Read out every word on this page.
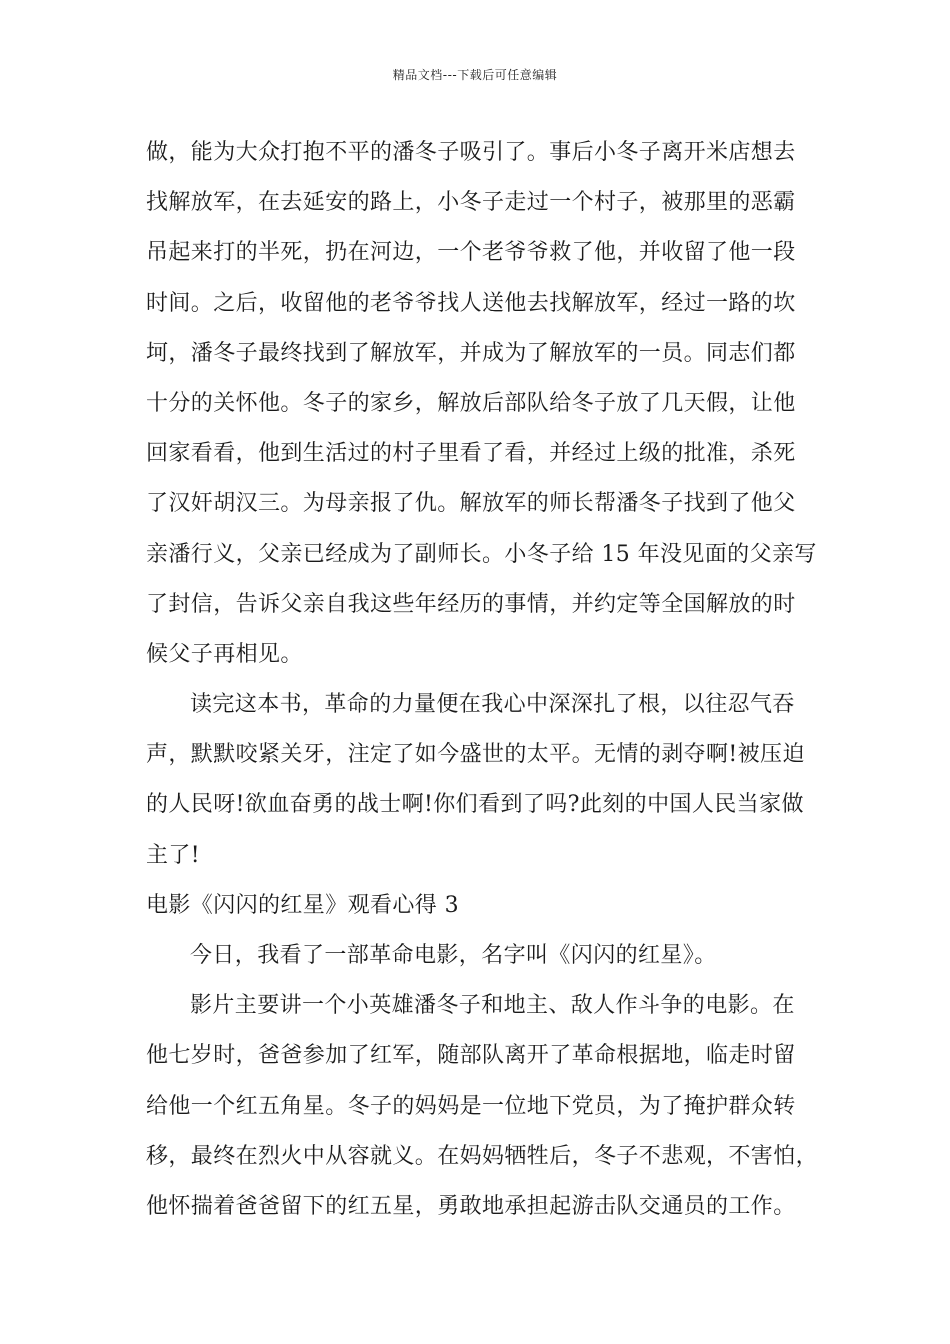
精品文档---下载后可任意编辑
做，能为大众打抱不平的潘冬子吸引了。事后小冬子离开米店想去
找解放军，在去延安的路上，小冬子走过一个村子，被那里的恶霸
吊起来打的半死，扔在河边，一个老爷爷救了他，并收留了他一段
时间。之后，收留他的老爷爷找人送他去找解放军，经过一路的坎
坷，潘冬子最终找到了解放军，并成为了解放军的一员。同志们都
十分的关怀他。冬子的家乡，解放后部队给冬子放了几天假，让他
回家看看，他到生活过的村子里看了看，并经过上级的批准，杀死
了汉奸胡汉三。为母亲报了仇。解放军的师长帮潘冬子找到了他父
亲潘行义，父亲已经成为了副师长。小冬子给 15 年没见面的父亲写
了封信，告诉父亲自我这些年经历的事情，并约定等全国解放的时
候父子再相见。
读完这本书，革命的力量便在我心中深深扎了根，以往忍气吞
声，默默咬紧关牙，注定了如今盛世的太平。无情的剥夺啊!被压迫
的人民呀!欲血奋勇的战士啊!你们看到了吗?此刻的中国人民当家做
主了!
电影《闪闪的红星》观看心得 3
今日，我看了一部革命电影，名字叫《闪闪的红星》。
影片主要讲一个小英雄潘冬子和地主、敌人作斗争的电影。在
他七岁时，爸爸参加了红军，随部队离开了革命根据地，临走时留
给他一个红五角星。冬子的妈妈是一位地下党员，为了掩护群众转
移，最终在烈火中从容就义。在妈妈牺牲后，冬子不悲观，不害怕，
他怀揣着爸爸留下的红五星，勇敢地承担起游击队交通员的工作。
